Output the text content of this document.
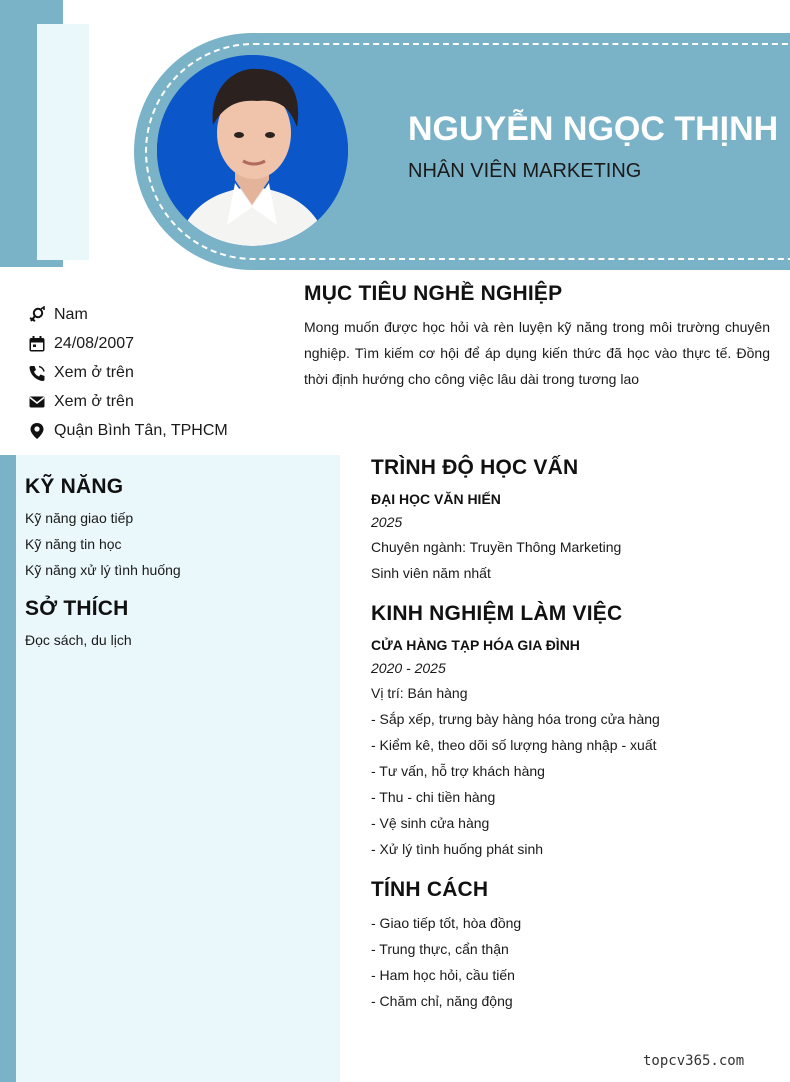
NGUYỄN NGỌC THỊNH
NHÂN VIÊN MARKETING
Nam
24/08/2007
Xem ở trên
Xem ở trên
Quận Bình Tân, TPHCM
MỤC TIÊU NGHỀ NGHIỆP

Mong muốn được học hỏi và rèn luyện kỹ năng trong môi trường chuyên nghiệp. Tìm kiếm cơ hội để áp dụng kiến thức đã học vào thực tế. Đồng thời định hướng cho công việc lâu dài trong tương lao

KỸ NĂNG
Kỹ năng giao tiếp
Kỹ năng tin học
Kỹ năng xử lý tình huống
SỞ THÍCH
Đọc sách, du lịch
TRÌNH ĐỘ HỌC VẤN
ĐẠI HỌC VĂN HIẾN
2025
Chuyên ngành: Truyền Thông Marketing
Sinh viên năm nhất
KINH NGHIỆM LÀM VIỆC
CỬA HÀNG TẠP HÓA GIA ĐÌNH
2020 - 2025
Vị trí: Bán hàng
- Sắp xếp, trưng bày hàng hóa trong cửa hàng
- Kiểm kê, theo dõi số lượng hàng nhập - xuất
- Tư vấn, hỗ trợ khách hàng
- Thu - chi tiền hàng
- Vệ sinh cửa hàng
- Xử lý tình huống phát sinh
TÍNH CÁCH
- Giao tiếp tốt, hòa đồng
- Trung thực, cẩn thận
- Ham học hỏi, cầu tiến
- Chăm chỉ, năng động
topcv365.com
